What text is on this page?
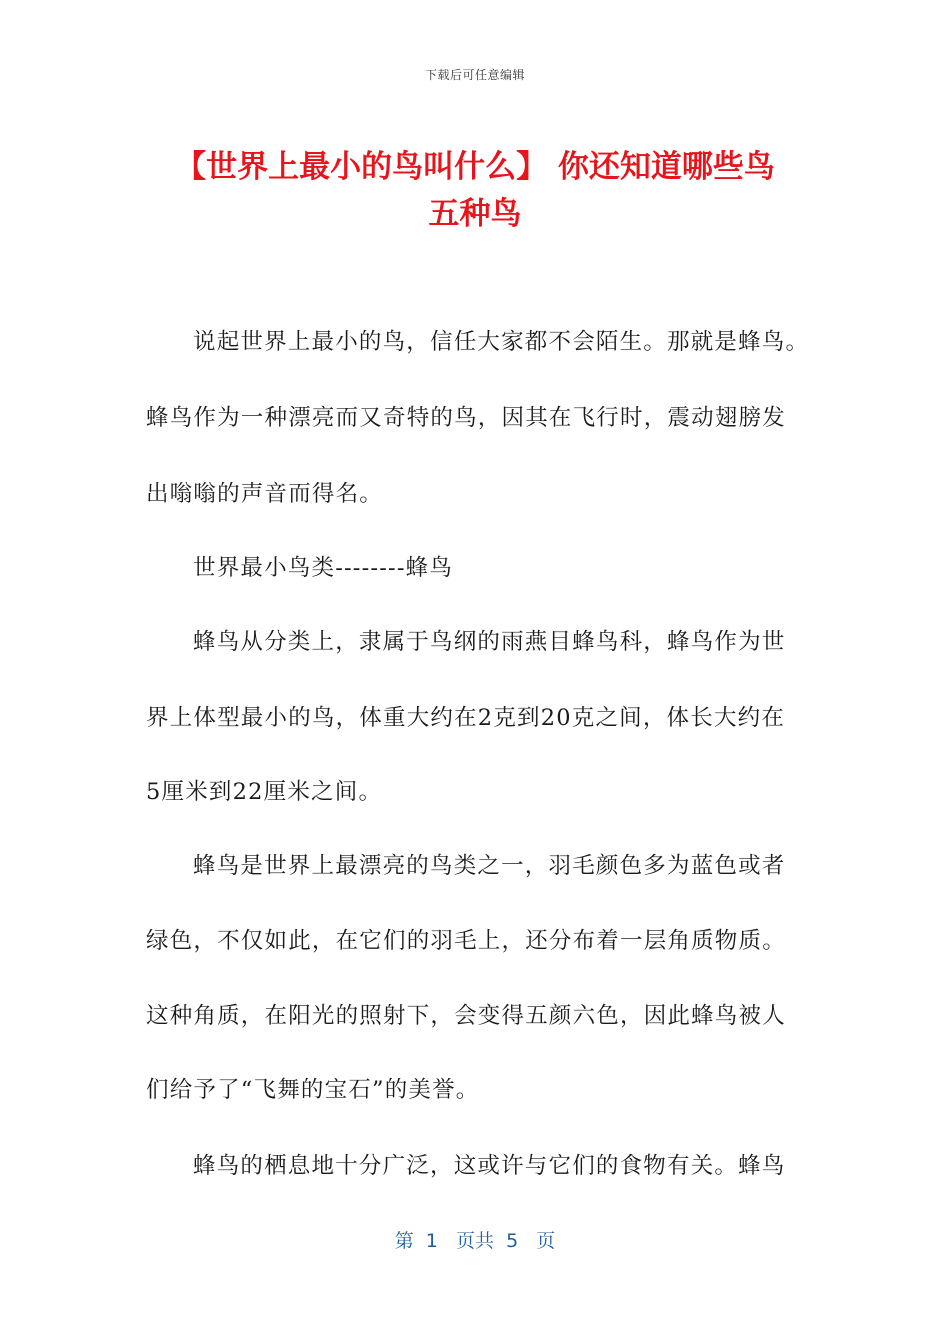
下载后可任意编辑
【世界上最小的鸟叫什么】 你还知道哪些鸟
五种鸟

说起世界上最小的鸟，信任大家都不会陌生。那就是蜂鸟。

蜂鸟作为一种漂亮而又奇特的鸟，因其在飞行时，震动翅膀发

出嗡嗡的声音而得名。

世界最小鸟类--------蜂鸟

蜂鸟从分类上，隶属于鸟纲的雨燕目蜂鸟科，蜂鸟作为世

界上体型最小的鸟，体重大约在2克到20克之间，体长大约在

5厘米到22厘米之间。

蜂鸟是世界上最漂亮的鸟类之一，羽毛颜色多为蓝色或者

绿色，不仅如此，在它们的羽毛上，还分布着一层角质物质。

这种角质，在阳光的照射下，会变得五颜六色，因此蜂鸟被人

们给予了“飞舞的宝石”的美誉。

蜂鸟的栖息地十分广泛，这或许与它们的食物有关。蜂鸟

第  1   页共  5   页
